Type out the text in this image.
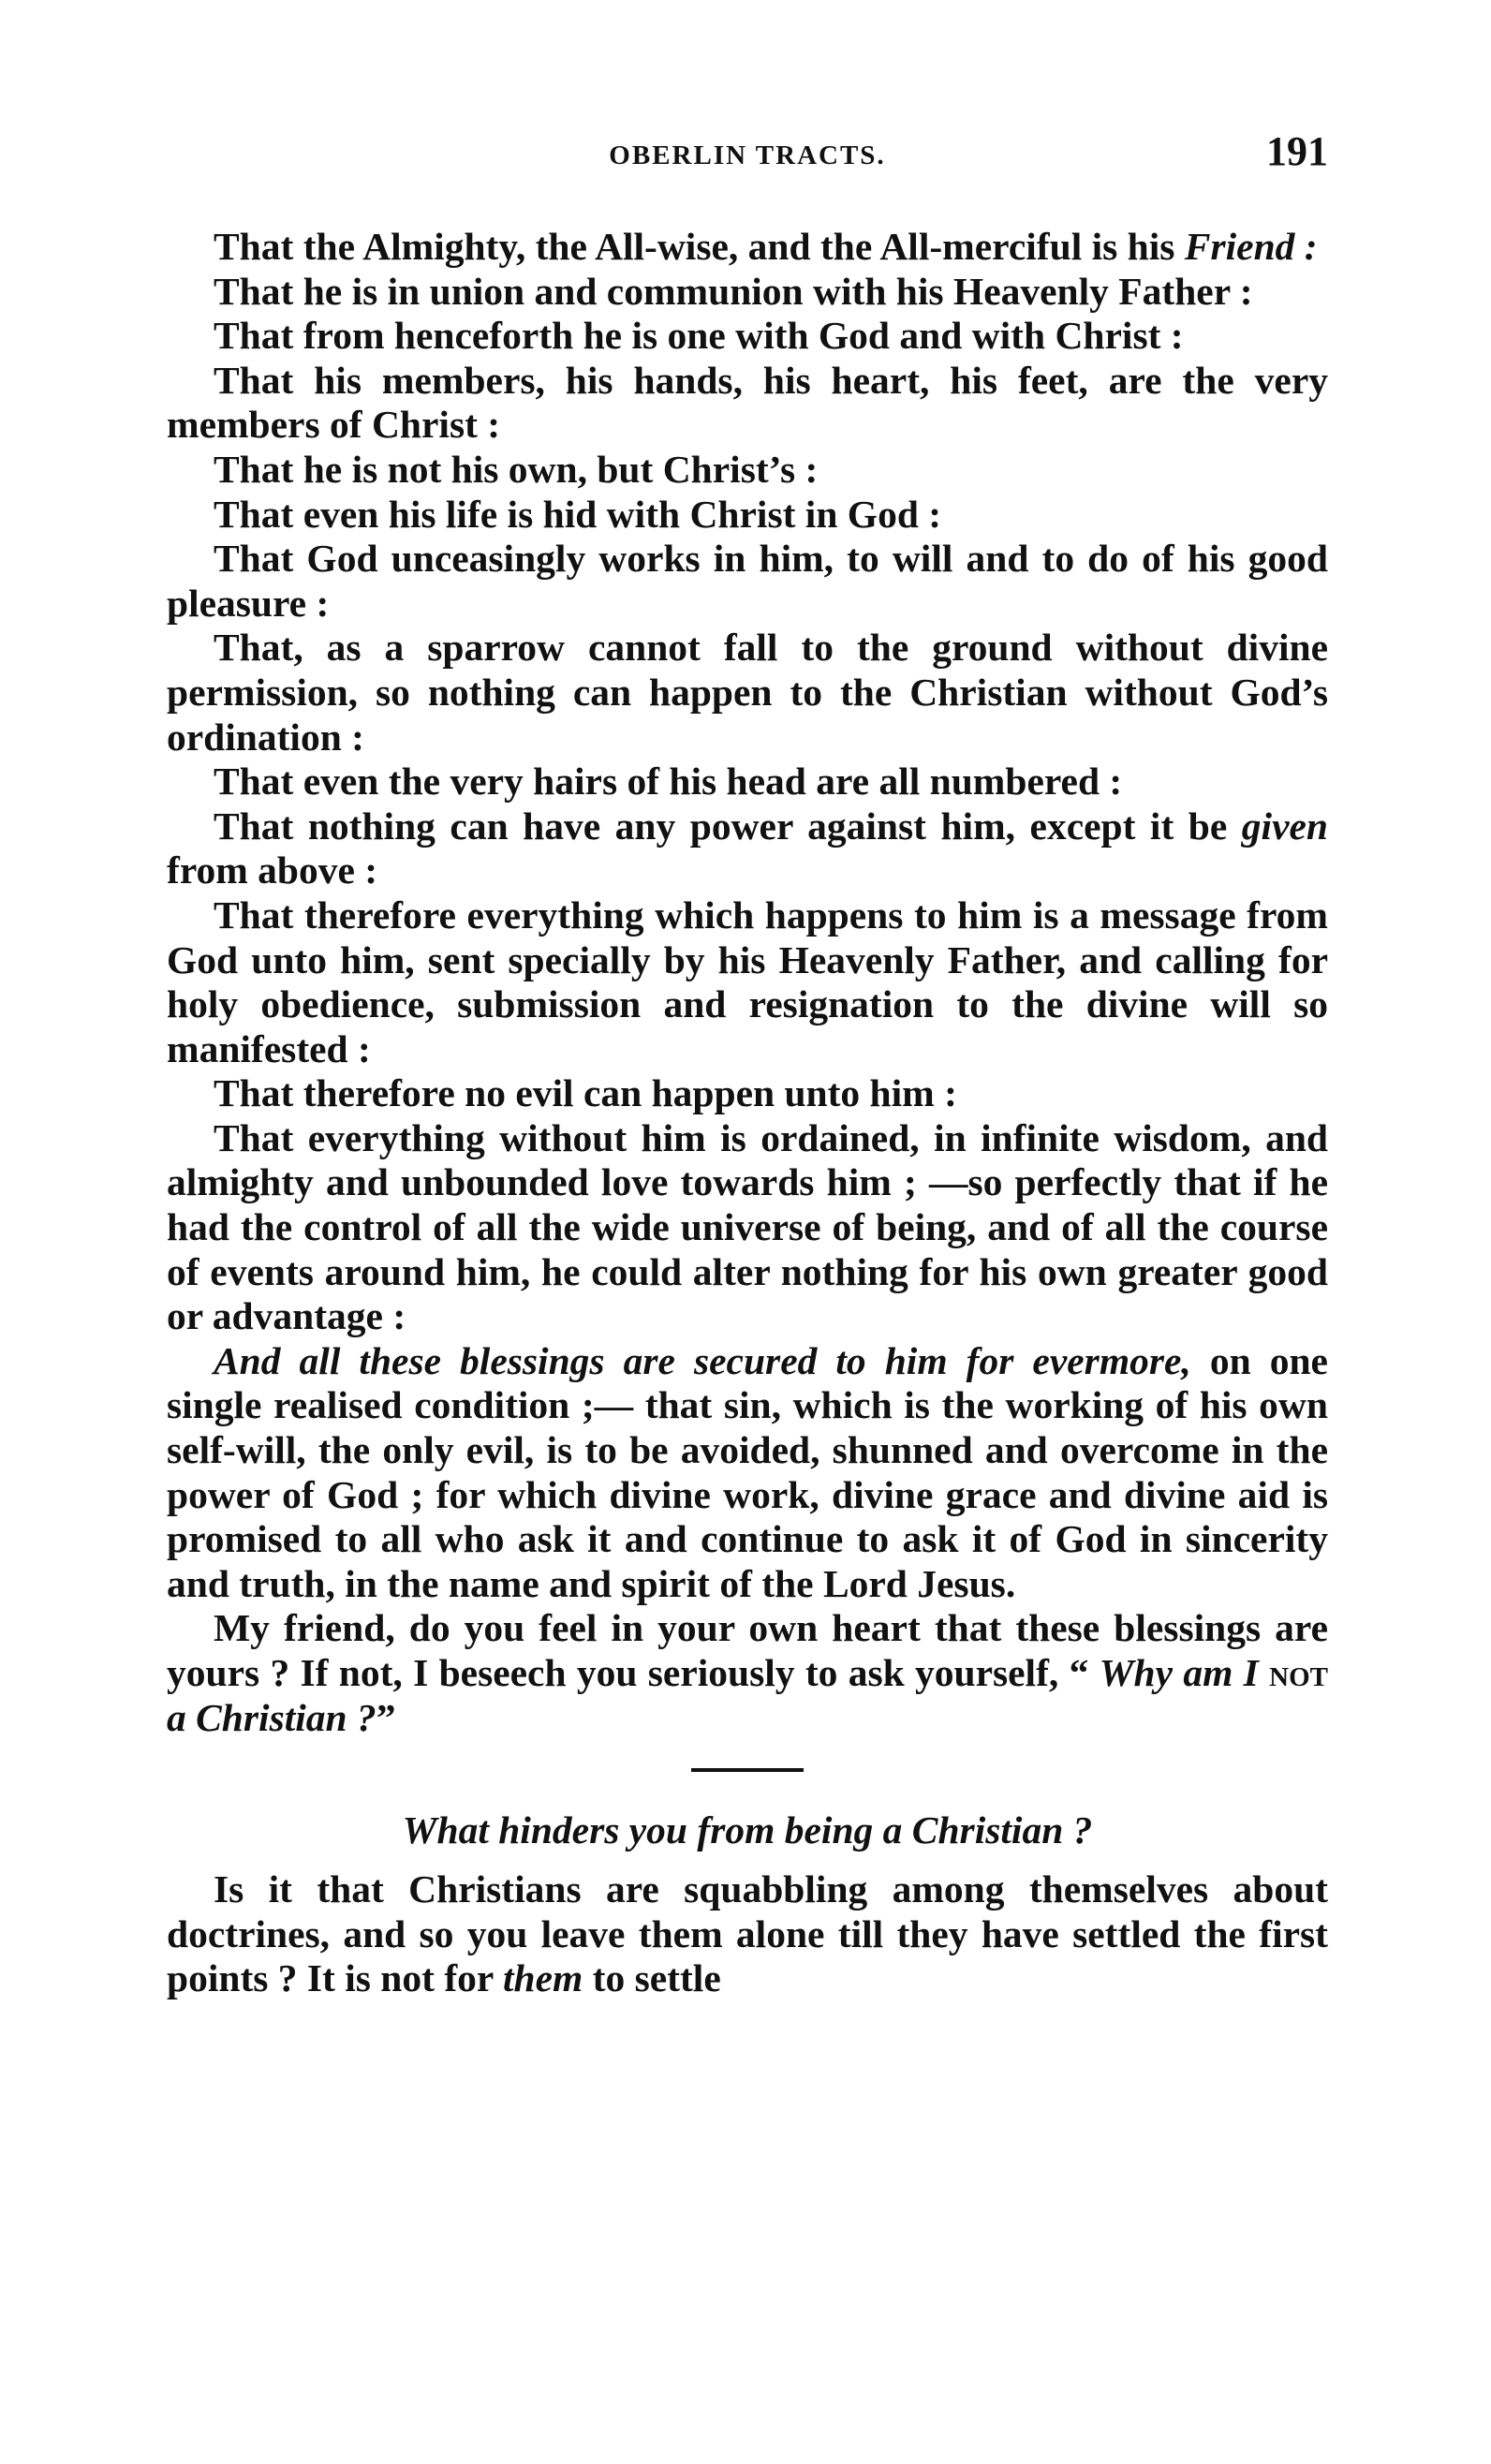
OBERLIN TRACTS.	191

That the Almighty, the All-wise, and the All-merciful is his Friend :

That he is in union and communion with his Heavenly Father :

That from henceforth he is one with God and with Christ :

That his members, his hands, his heart, his feet, are the very members of Christ :

That he is not his own, but Christ’s :

That even his life is hid with Christ in God :

That God unceasingly works in him, to will and to do of his good pleasure :

That, as a sparrow cannot fall to the ground without divine permission, so nothing can happen to the Christian without God’s ordination :

That even the very hairs of his head are all numbered :

That nothing can have any power against him, except it be given from above :

That therefore everything which happens to him is a message from God unto him, sent specially by his Heavenly Father, and calling for holy obedience, submission and resignation to the divine will so manifested :

That therefore no evil can happen unto him :

That everything without him is ordained, in infinite wisdom, and almighty and unbounded love towards him ; —so perfectly that if he had the control of all the wide universe of being, and of all the course of events around him, he could alter nothing for his own greater good or advantage :

And all these blessings are secured to him for evermore, on one single realised condition ;— that sin, which is the working of his own self-will, the only evil, is to be avoided, shunned and overcome in the power of God ; for which divine work, divine grace and divine aid is promised to all who ask it and continue to ask it of God in sincerity and truth, in the name and spirit of the Lord Jesus.

My friend, do you feel in your own heart that these blessings are yours ? If not, I beseech you seriously to ask yourself, “ Why am I not a Christian ?”

What hinders you from being a Christian ?

Is it that Christians are squabbling among themselves about doctrines, and so you leave them alone till they have settled the first points ? It is not for them to settle
